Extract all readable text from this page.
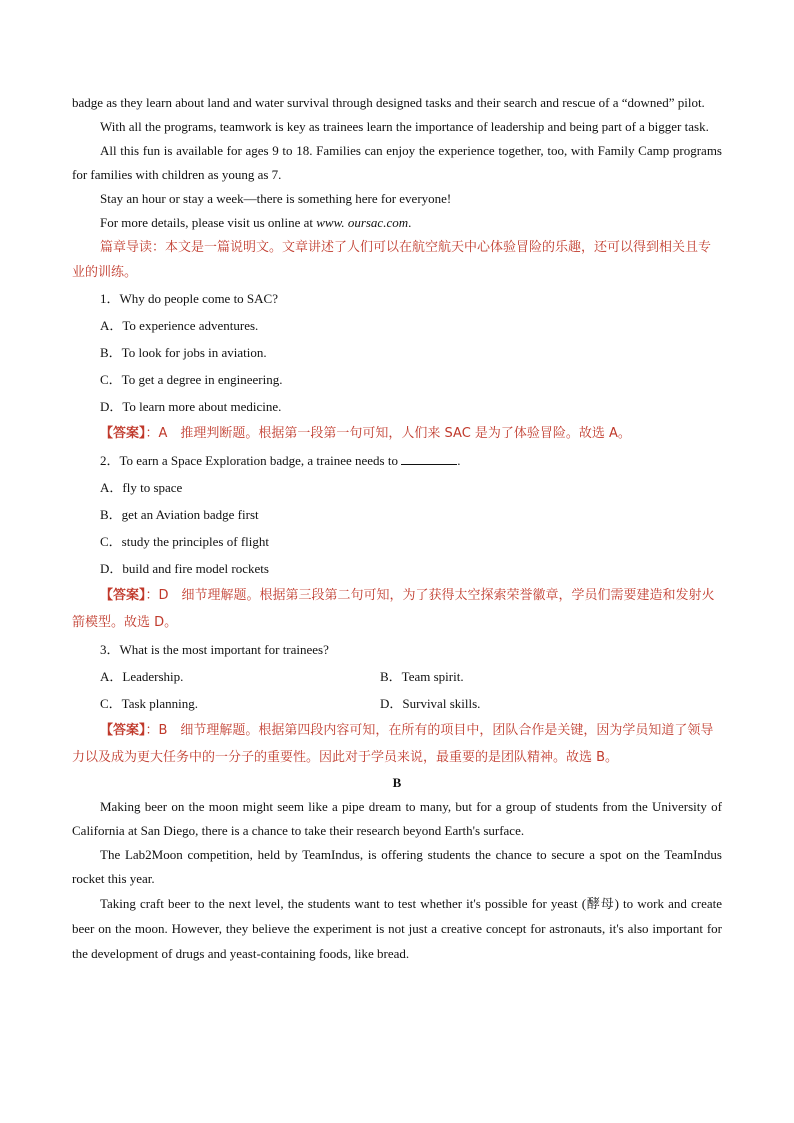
badge as they learn about land and water survival through designed tasks and their search and rescue of a “downed” pilot.

With all the programs, teamwork is key as trainees learn the importance of leadership and being part of a bigger task.

All this fun is available for ages 9 to 18. Families can enjoy the experience together, too, with Family Camp programs for families with children as young as 7.

Stay an hour or stay a week—there is something here for everyone!

For more details, please visit us online at www. oursac.com.

篇章导读：本文是一篇说明文。文章讲述了人们可以在航空航天中心体验冒险的乐趣，还可以得到相关且专业的训练。

1．Why do people come to SAC?

A．To experience adventures.

B．To look for jobs in aviation.

C．To get a degree in engineering.

D．To learn more about medicine.

【答案】：A　推理判断题。根据第一段第一句可知，人们来 SAC 是为了体验冒险。故选 A。

2．To earn a Space Exploration badge, a trainee needs to	.

A．fly to space

B．get an Aviation badge first

C．study the principles of flight

D．build and fire model rockets

【答案】：D　细节理解题。根据第三段第二句可知，为了获得太空探索荣誉徽章，学员们需要建造和发射火箭模型。故选 D。

3．What is the most important for trainees?

A．Leadership.	B．Team spirit.
C．Task planning.	D．Survival skills.

【答案】：B　细节理解题。根据第四段内容可知，在所有的项目中，团队合作是关键，因为学员知道了领导力以及成为更大任务中的一分子的重要性。因此对于学员来说，最重要的是团队精神。故选 B。

B

Making beer on the moon might seem like a pipe dream to many, but for a group of students from the University of California at San Diego, there is a chance to take their research beyond Earth's surface.

The Lab2Moon competition, held by TeamIndus, is offering students the chance to secure a spot on the TeamIndus rocket this year.

Taking craft beer to the next level, the students want to test whether it's possible for yeast (酵母) to work and create beer on the moon. However, they believe the experiment is not just a creative concept for astronauts, it's also important for the development of drugs and yeast-containing foods, like bread.
